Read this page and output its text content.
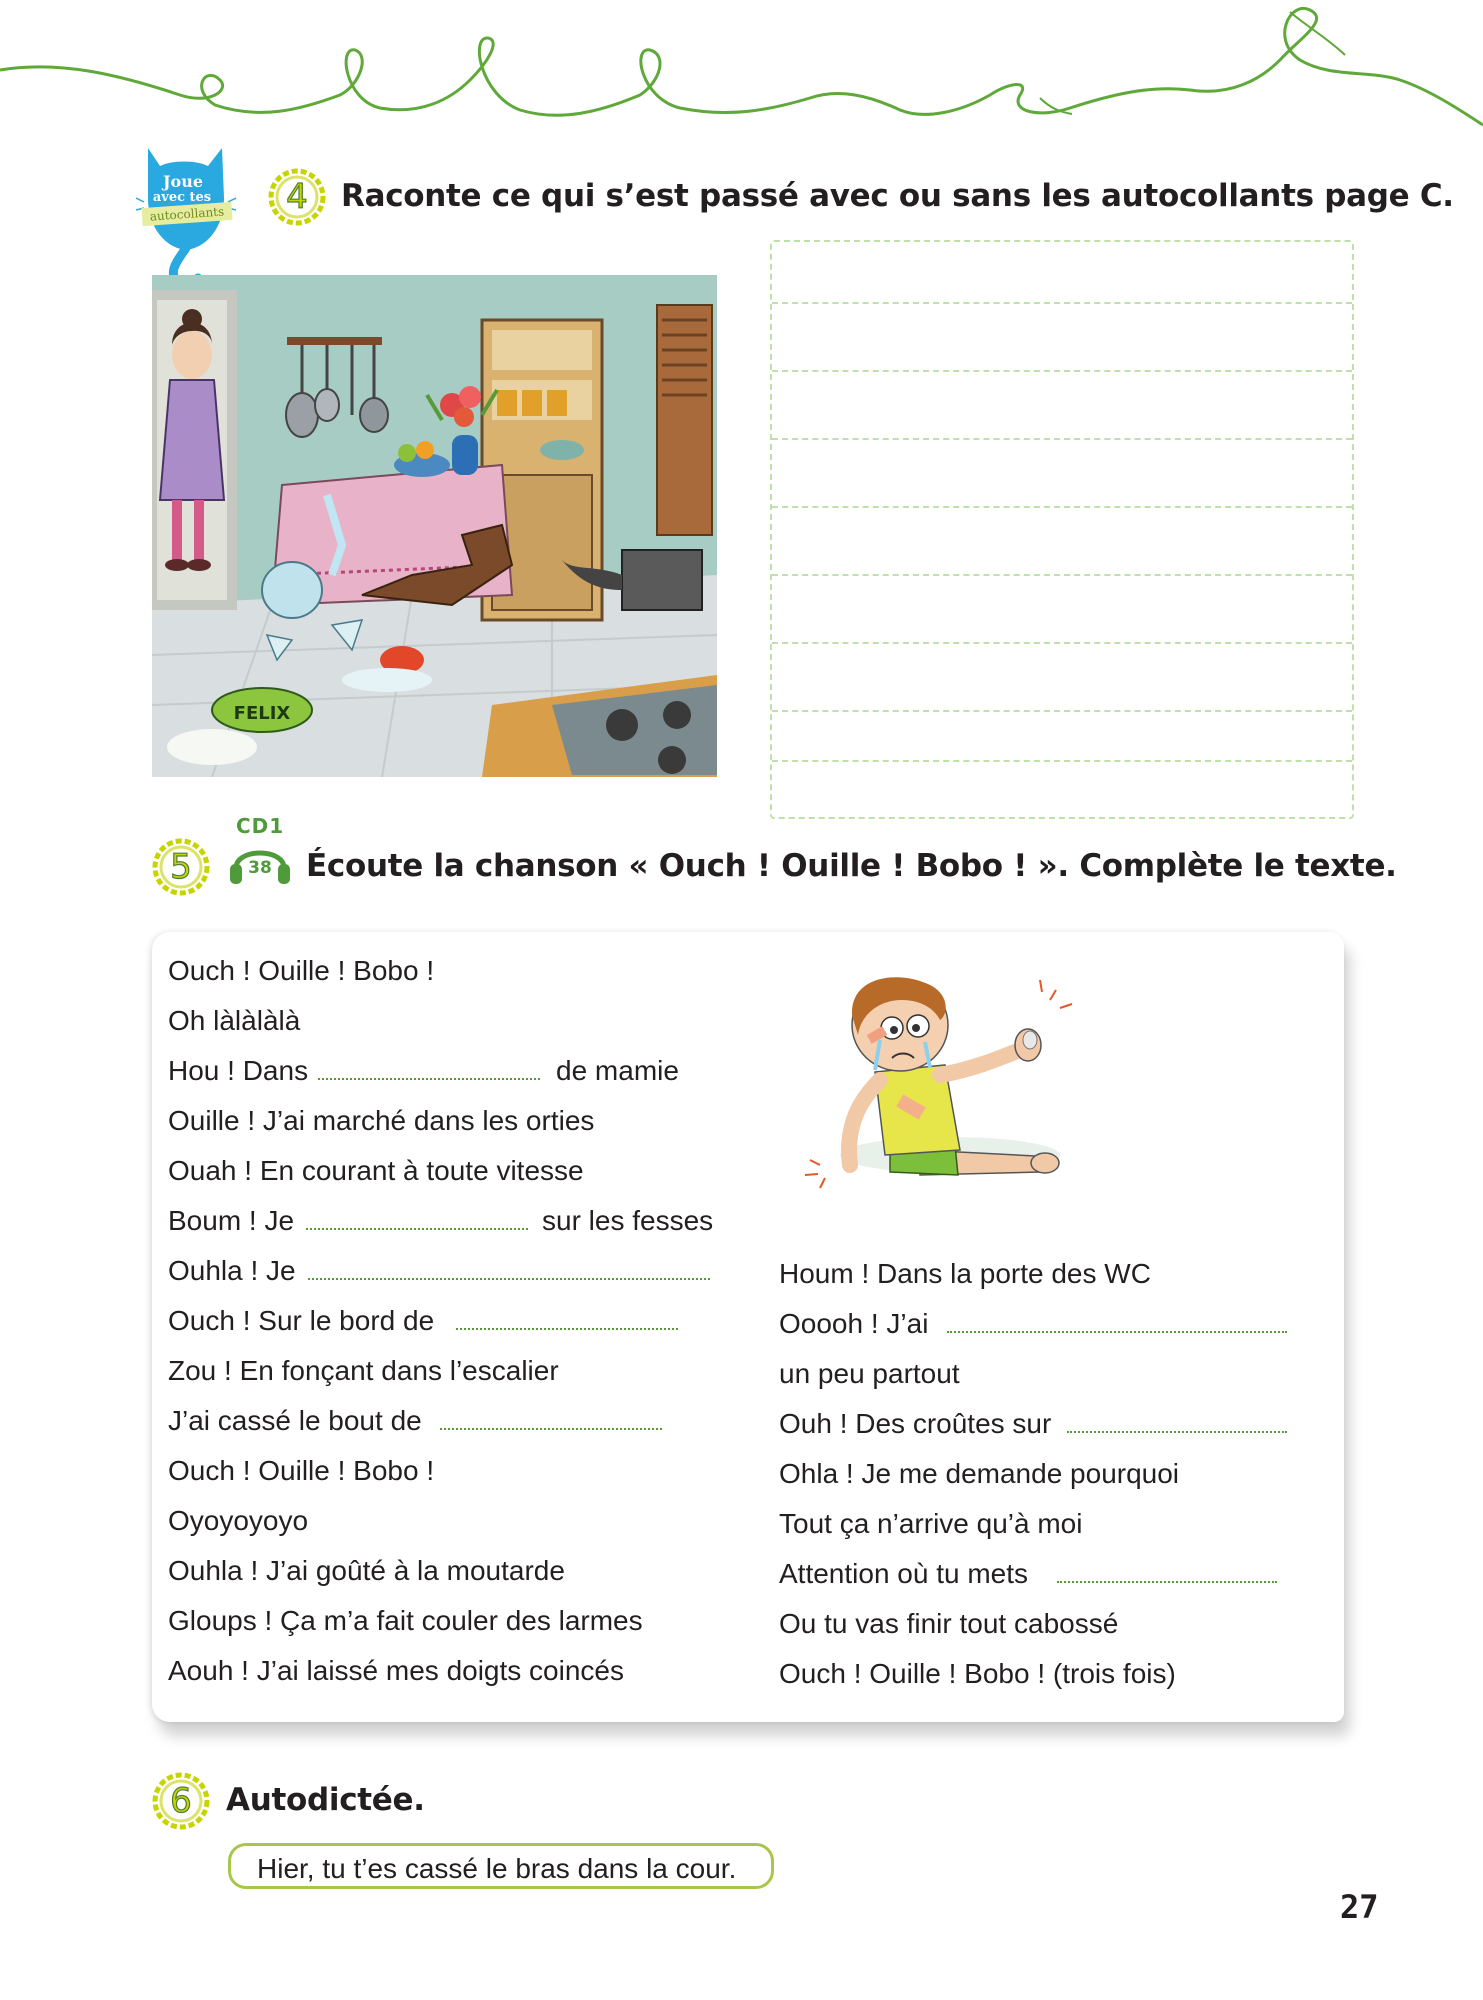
Joue
avec tes
autocollants	4	Raconte ce qui s’est passé avec ou sans les autocollants page C.
FELIX
5
CD1
38 Écoute la chanson « Ouch ! Ouille ! Bobo ! ». Complète le texte.
Ouch ! Ouille ! Bobo !
Oh làlàlàlà
Hou ! Dans	de mamie
Ouille ! J’ai marché dans les orties
Ouah ! En courant à toute vitesse
Boum ! Je	sur les fesses
Ouhla ! Je
Ouch ! Sur le bord de
Zou ! En fonçant dans l’escalier
J’ai cassé le bout de
Ouch ! Ouille ! Bobo !
Oyoyoyoyo
Ouhla ! J’ai goûté à la moutarde
Gloups ! Ça m’a fait couler des larmes
Aouh ! J’ai laissé mes doigts coincés
Houm ! Dans la porte des WC
Ooooh ! J’ai
un peu partout
Ouh ! Des croûtes sur
Ohla ! Je me demande pourquoi
Tout ça n’arrive qu’à moi
Attention où tu mets
Ou tu vas finir tout cabossé
Ouch ! Ouille ! Bobo ! (trois fois)
6	Autodictée.
Hier, tu t’es cassé le bras dans la cour.
27
